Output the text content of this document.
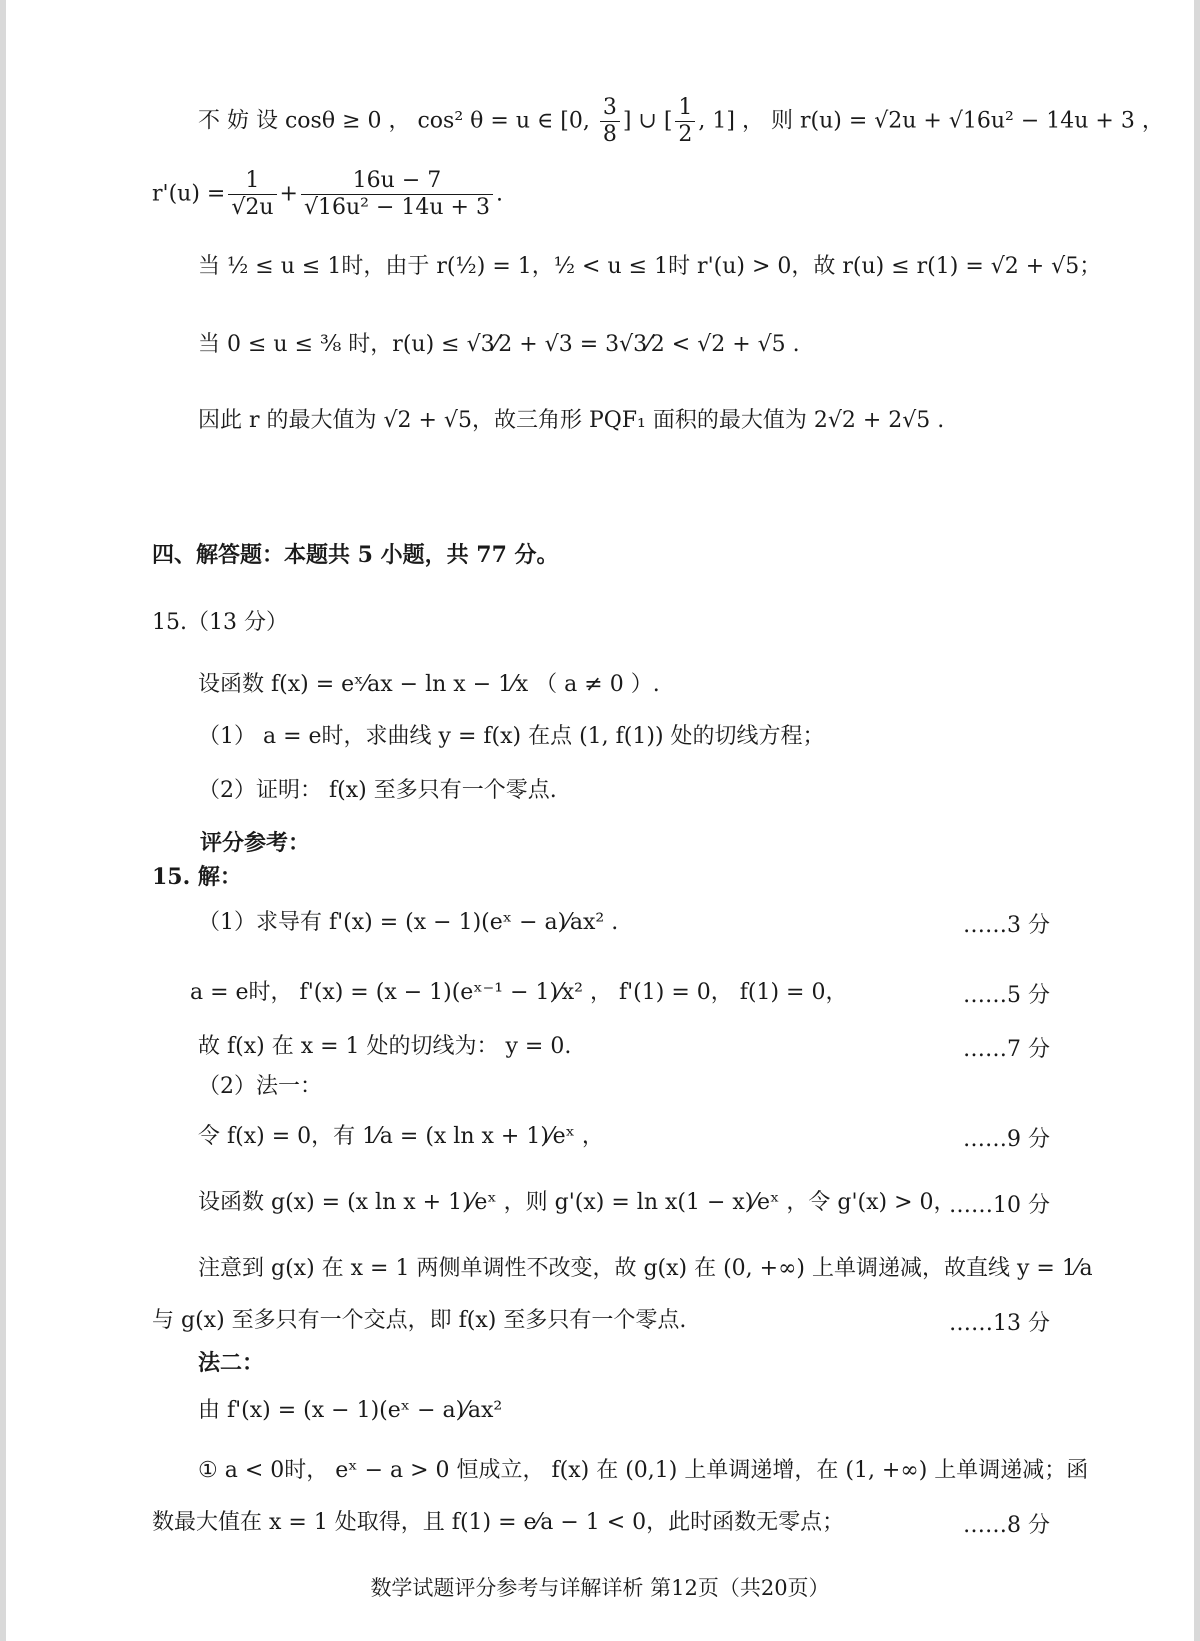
不 妨 设 cosθ ≥ 0 ， cos² θ = u ∈ [0, $\frac{3}{8}$ ] ∪ [ $\frac{1}{2}$ , 1] ， 则 r(u) = √2u + √16u² − 14u + 3 ，
$r'(u) = \frac{1}{√2u} + \frac{16u - 7}{\text{√16u² − 14u + 3}}$ .
当 ½ ≤ u ≤ 1时，由于 r(½) = 1，½ < u ≤ 1时 r'(u) > 0，故 r(u) ≤ r(1) = √2 + √5；
当 0 ≤ u ≤ ³⁄₈ 时，r(u) ≤ √3⁄2 + √3 = 3√3⁄2 < √2 + √5 .
因此 r 的最大值为 √2 + √5，故三角形 PQF₁ 面积的最大值为 2√2 + 2√5 .
四、解答题：本题共 5 小题，共 77 分。
15.（13 分）
设函数 f(x) = eˣ⁄ax − ln x − 1⁄x （ a ≠ 0 ）.
（1） a = e时，求曲线 y = f(x) 在点 (1, f(1)) 处的切线方程；
（2）证明： f(x) 至多只有一个零点.
评分参考：
15. 解：
（1）求导有 f'(x) = (x − 1)(eˣ − a)⁄ax² .	……3 分
a = e时， f'(x) = (x − 1)(eˣ⁻¹ − 1)⁄x² ， f'(1) = 0， f(1) = 0，	……5 分
故 f(x) 在 x = 1 处的切线为： y = 0.	……7 分
（2）法一：
令 f(x) = 0，有 1⁄a = (x ln x + 1)⁄eˣ ，	……9 分
设函数 g(x) = (x ln x + 1)⁄eˣ ，则 g'(x) = ln x(1 − x)⁄eˣ ，令 g'(x) > 0，
……10 分
注意到 g(x) 在 x = 1 两侧单调性不改变，故 g(x) 在 (0, +∞) 上单调递减，故直线 y = 1⁄a
与 g(x) 至多只有一个交点，即 f(x) 至多只有一个零点.	……13 分
法二：
由 f'(x) = (x − 1)(eˣ − a)⁄ax²
① a < 0时， eˣ − a > 0 恒成立， f(x) 在 (0,1) 上单调递增，在 (1, +∞) 上单调递减；函
数最大值在 x = 1 处取得，且 f(1) = e⁄a − 1 < 0，此时函数无零点；	……8 分
数学试题评分参考与详解详析 第12页（共20页）
